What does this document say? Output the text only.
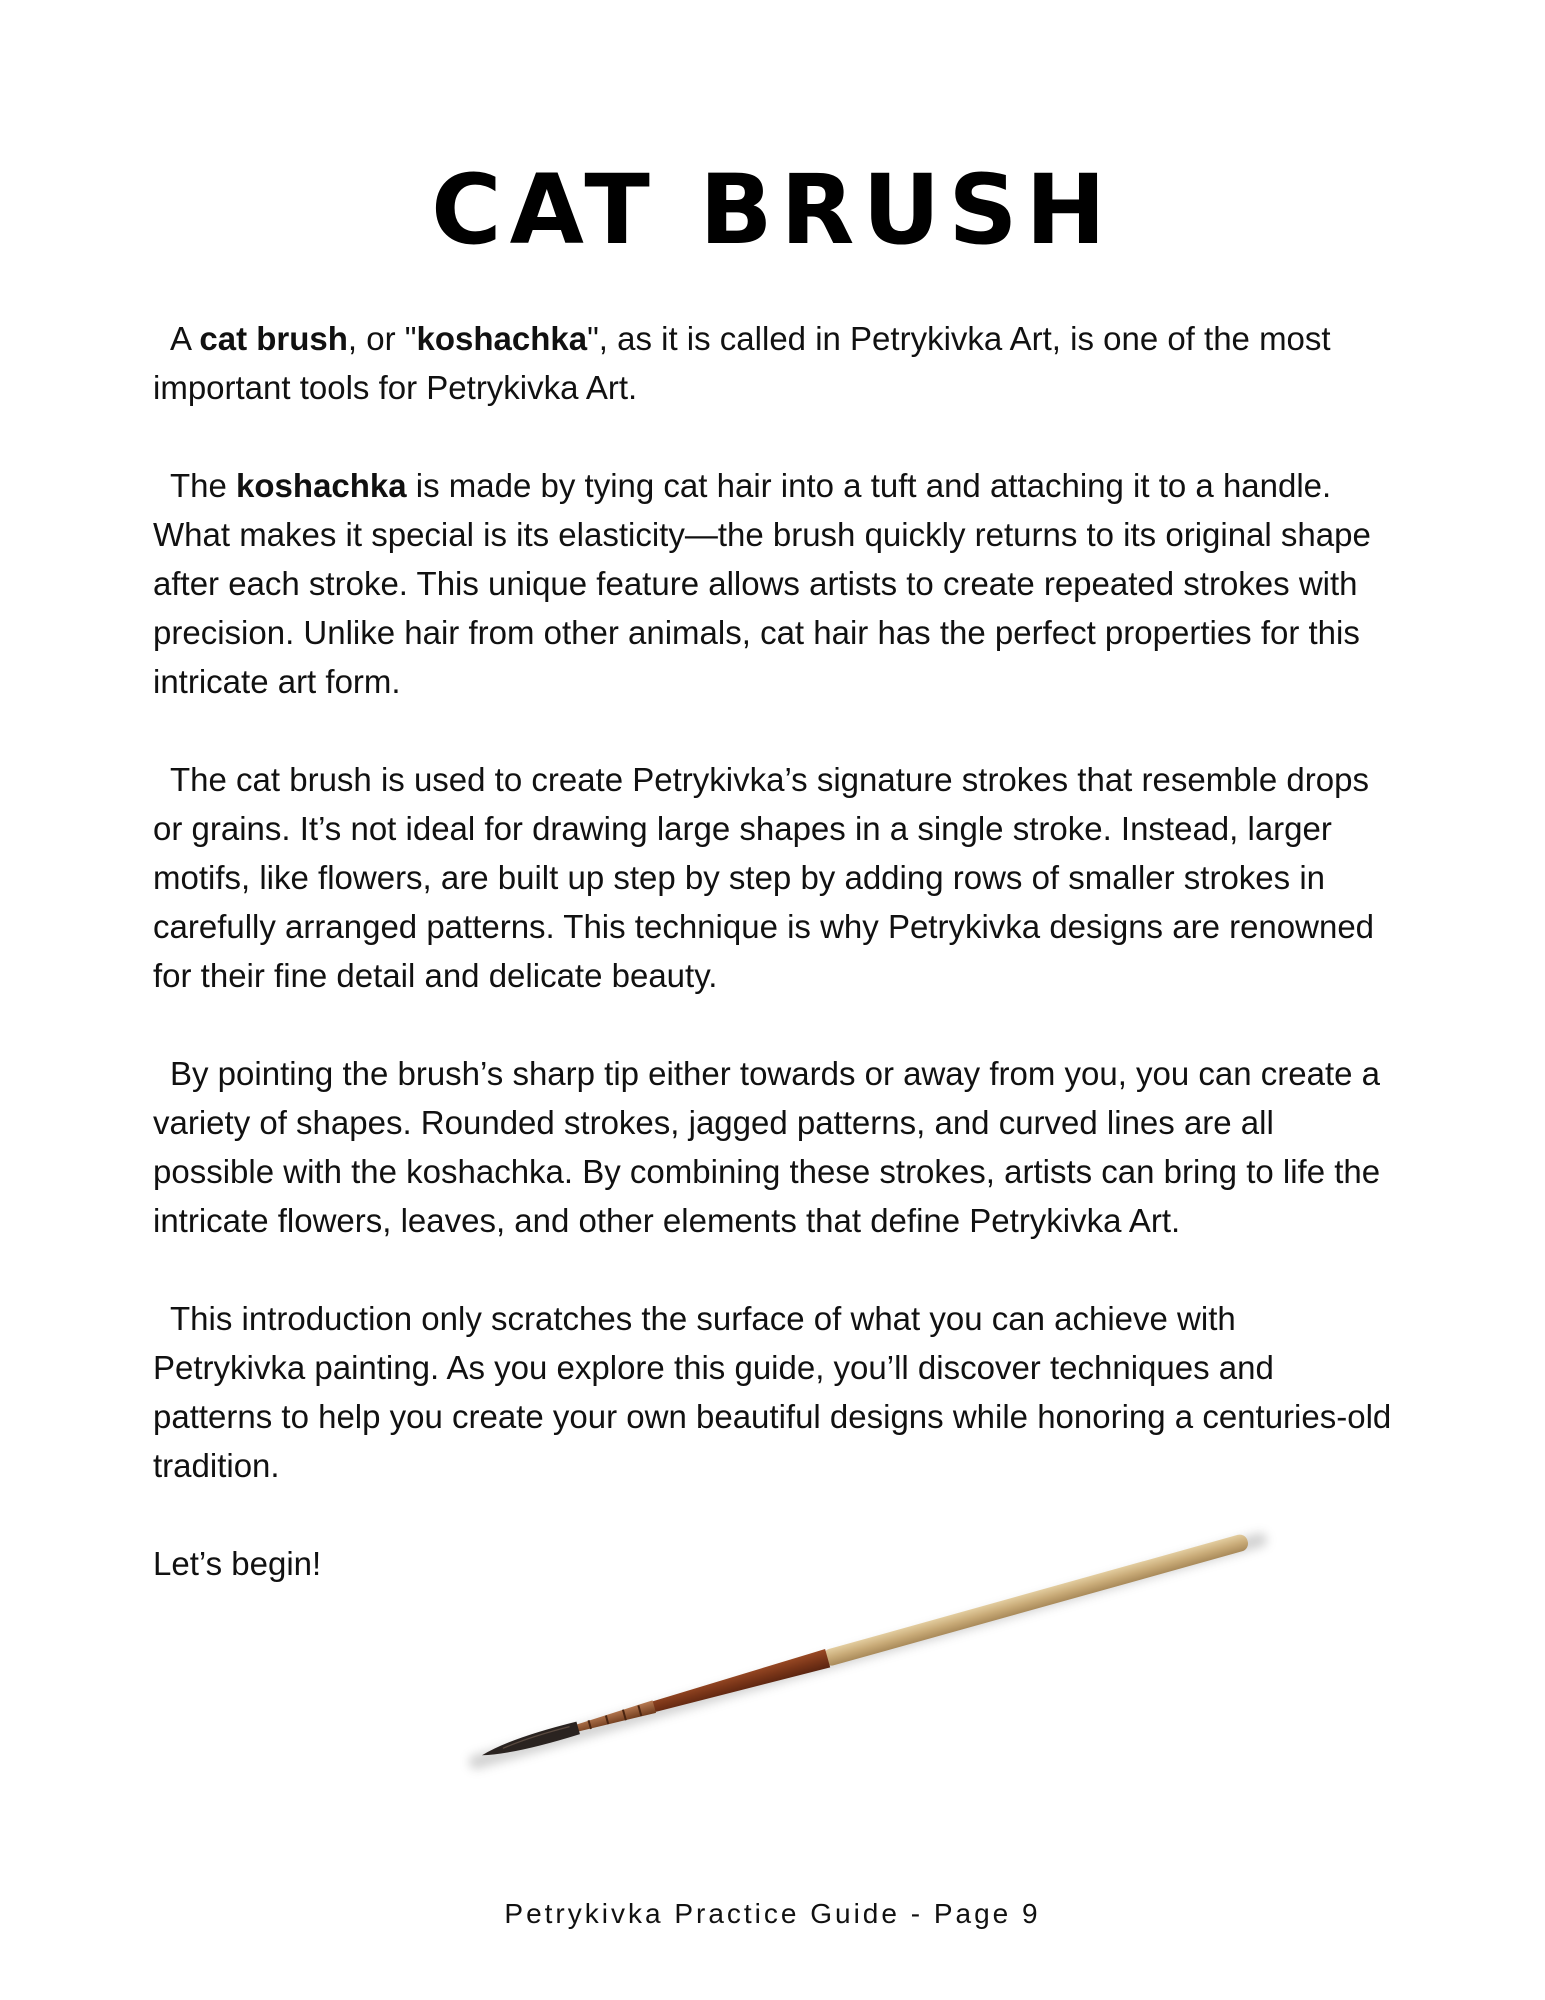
CAT BRUSH

A cat brush, or "koshachka", as it is called in Petrykivka Art, is one of the most important tools for Petrykivka Art.

The koshachka is made by tying cat hair into a tuft and attaching it to a handle. What makes it special is its elasticity—the brush quickly returns to its original shape after each stroke. This unique feature allows artists to create repeated strokes with precision. Unlike hair from other animals, cat hair has the perfect properties for this intricate art form.

The cat brush is used to create Petrykivka’s signature strokes that resemble drops or grains. It’s not ideal for drawing large shapes in a single stroke. Instead, larger motifs, like flowers, are built up step by step by adding rows of smaller strokes in carefully arranged patterns. This technique is why Petrykivka designs are renowned for their fine detail and delicate beauty.

By pointing the brush’s sharp tip either towards or away from you, you can create a variety of shapes. Rounded strokes, jagged patterns, and curved lines are all possible with the koshachka. By combining these strokes, artists can bring to life the intricate flowers, leaves, and other elements that define Petrykivka Art.

This introduction only scratches the surface of what you can achieve with Petrykivka painting. As you explore this guide, you’ll discover techniques and patterns to help you create your own beautiful designs while honoring a centuries-old tradition.

Let’s begin!

Petrykivka Practice Guide - Page 9
